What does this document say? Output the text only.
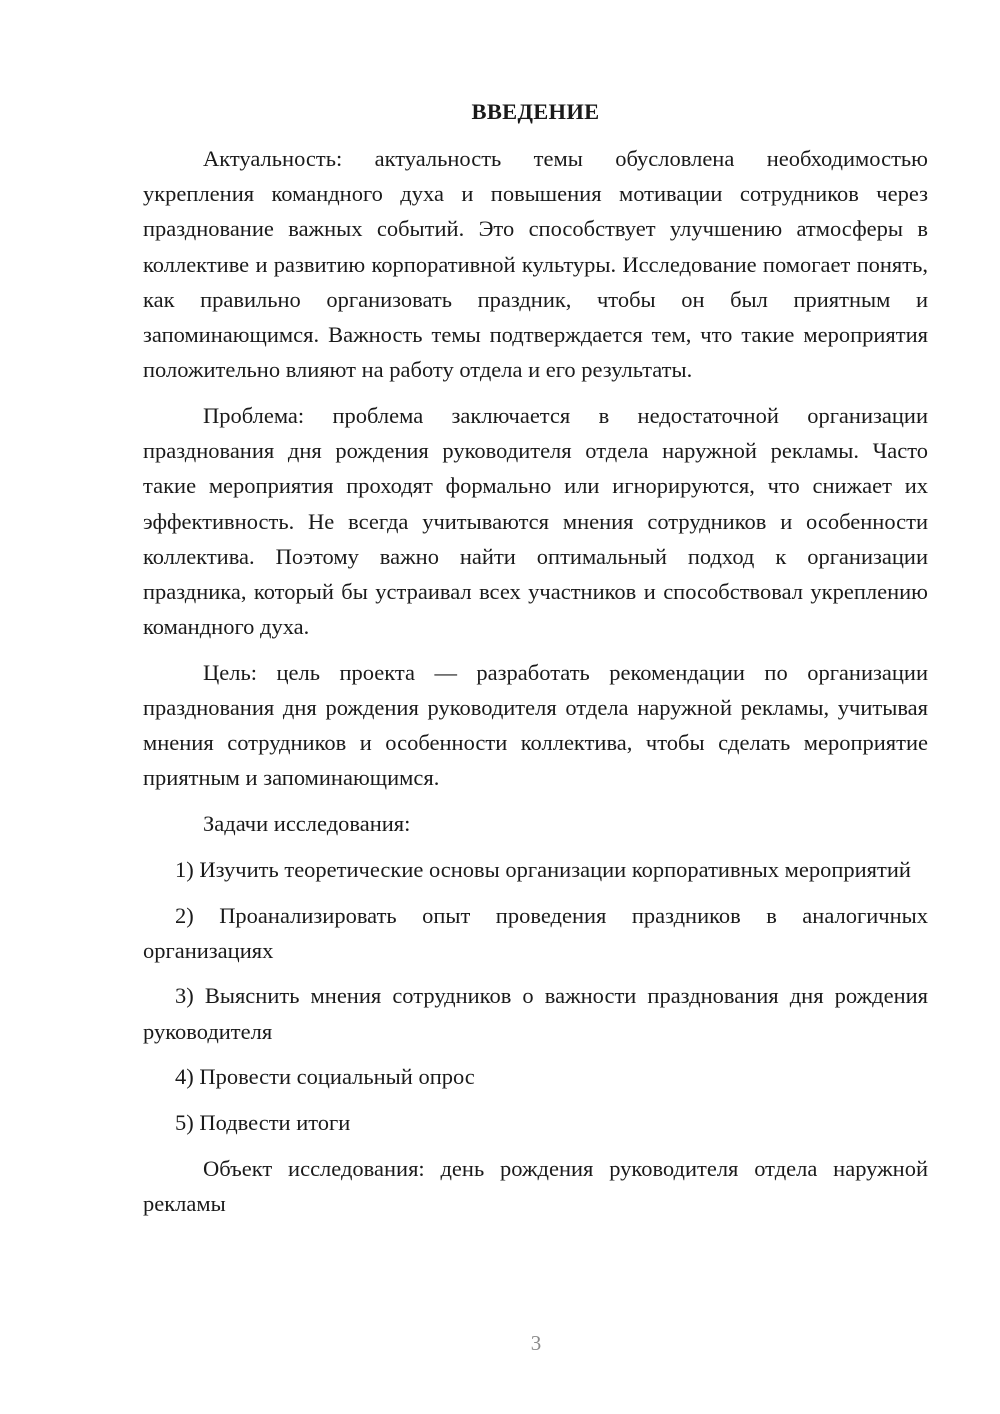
ВВЕДЕНИЕ

Актуальность: актуальность темы обусловлена необходимостью укрепления командного духа и повышения мотивации сотрудников через празднование важных событий. Это способствует улучшению атмосферы в коллективе и развитию корпоративной культуры. Исследование помогает понять, как правильно организовать праздник, чтобы он был приятным и запоминающимся. Важность темы подтверждается тем, что такие мероприятия положительно влияют на работу отдела и его результаты.

Проблема: проблема заключается в недостаточной организации празднования дня рождения руководителя отдела наружной рекламы. Часто такие мероприятия проходят формально или игнорируются, что снижает их эффективность. Не всегда учитываются мнения сотрудников и особенности коллектива. Поэтому важно найти оптимальный подход к организации праздника, который бы устраивал всех участников и способствовал укреплению командного духа.

Цель: цель проекта — разработать рекомендации по организации празднования дня рождения руководителя отдела наружной рекламы, учитывая мнения сотрудников и особенности коллектива, чтобы сделать мероприятие приятным и запоминающимся.

Задачи исследования:

1) Изучить теоретические основы организации корпоративных мероприятий

2) Проанализировать опыт проведения праздников в аналогичных организациях

3) Выяснить мнения сотрудников о важности празднования дня рождения руководителя

4) Провести социальный опрос

5) Подвести итоги

Объект исследования: день рождения руководителя отдела наружной рекламы

3
